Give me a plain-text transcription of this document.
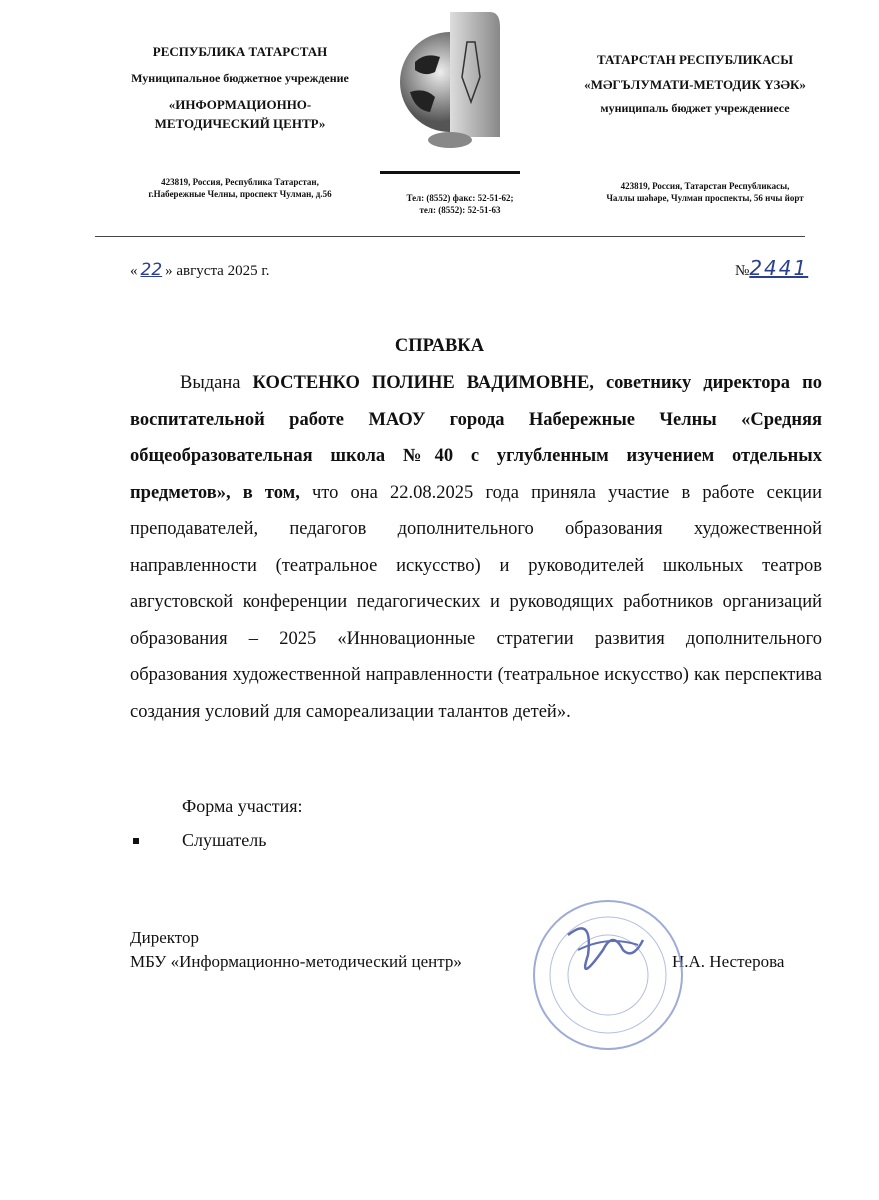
РЕСПУБЛИКА ТАТАРСТАН
Муниципальное бюджетное учреждение
«ИНФОРМАЦИОННО-
МЕТОДИЧЕСКИЙ ЦЕНТР»
423819, Россия, Республика Татарстан,
г.Набережные Челны, проспект Чулман, д.56	Тел: (8552) факс: 52-51-62;
тел: (8552): 52-51-63
ТАТАРСТАН РЕСПУБЛИКАСЫ
«МӘГЪЛУМАТИ-МЕТОДИК ҮЗӘК»
муниципаль бюджет учреждениесе
423819, Россия, Татарстан Республикасы,
Чаллы шәһәре, Чулман проспекты, 56 нчы йорт
« 22 » августа 2025 г.	№2441
СПРАВКА

Выдана КОСТЕНКО ПОЛИНЕ ВАДИМОВНЕ, советнику директора по воспитательной работе МАОУ города Набережные Челны «Средняя общеобразовательная школа №40 с углубленным изучением отдельных предметов», в том, что она 22.08.2025 года приняла участие в работе секции преподавателей, педагогов дополнительного образования художественной направленности (театральное искусство) и руководителей школьных театров августовской конференции педагогических и руководящих работников организаций образования – 2025 «Инновационные стратегии развития дополнительного образования художественной направленности (театральное искусство) как перспектива создания условий для самореализации талантов детей».

Форма участия:
Слушатель
Директор
МБУ «Информационно-методический центр»	Н.А. Нестерова
